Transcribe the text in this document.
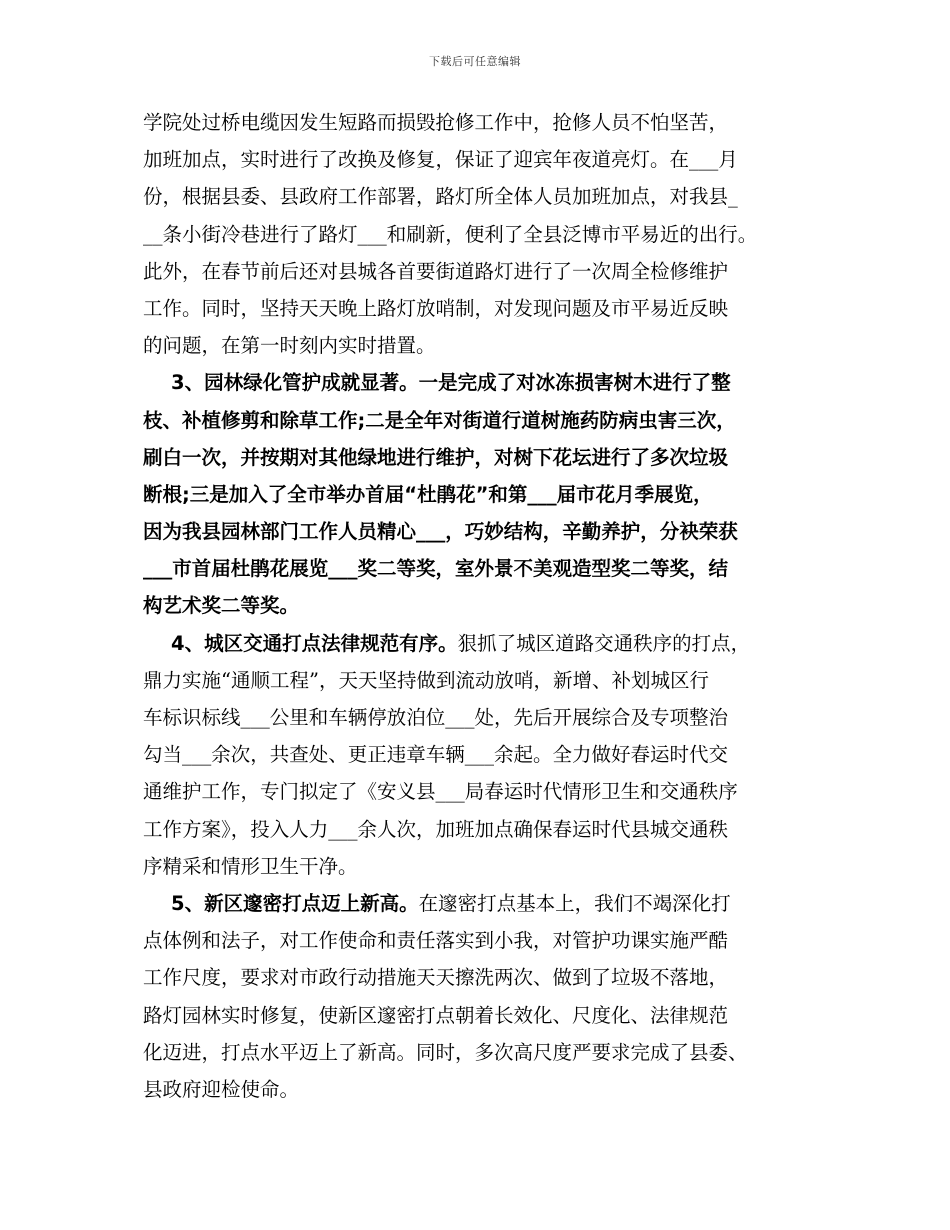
下载后可任意编辑
学院处过桥电缆因发生短路而损毁抢修工作中，抢修人员不怕坚苦，
加班加点，实时进行了改换及修复，保证了迎宾年夜道亮灯。在___月
份，根据县委、县政府工作部署，路灯所全体人员加班加点，对我县_
__条小街冷巷进行了路灯___和刷新，便利了全县泛博市平易近的出行。
此外，在春节前后还对县城各首要街道路灯进行了一次周全检修维护
工作。同时，坚持天天晚上路灯放哨制，对发现问题及市平易近反映
的问题，在第一时刻内实时措置。
3、园林绿化管护成就显著。一是完成了对冰冻损害树木进行了整
枝、补植修剪和除草工作;二是全年对街道行道树施药防病虫害三次，
刷白一次，并按期对其他绿地进行维护，对树下花坛进行了多次垃圾
断根;三是加入了全市举办首届“杜鹃花”和第___届市花月季展览，
因为我县园林部门工作人员精心___，巧妙结构，辛勤养护，分袂荣获
___市首届杜鹃花展览___奖二等奖，室外景不美观造型奖二等奖，结
构艺术奖二等奖。
4、城区交通打点法律规范有序。狠抓了城区道路交通秩序的打点，
鼎力实施“通顺工程”，天天坚持做到流动放哨，新增、补划城区行
车标识标线___公里和车辆停放泊位___处，先后开展综合及专项整治
勾当___余次，共查处、更正违章车辆___余起。全力做好春运时代交
通维护工作，专门拟定了《安义县___局春运时代情形卫生和交通秩序
工作方案》，投入人力___余人次，加班加点确保春运时代县城交通秩
序精采和情形卫生干净。
5、新区邃密打点迈上新高。在邃密打点基本上，我们不竭深化打
点体例和法子，对工作使命和责任落实到小我，对管护功课实施严酷
工作尺度，要求对市政行动措施天天擦洗两次、做到了垃圾不落地，
路灯园林实时修复，使新区邃密打点朝着长效化、尺度化、法律规范
化迈进，打点水平迈上了新高。同时，多次高尺度严要求完成了县委、
县政府迎检使命。
